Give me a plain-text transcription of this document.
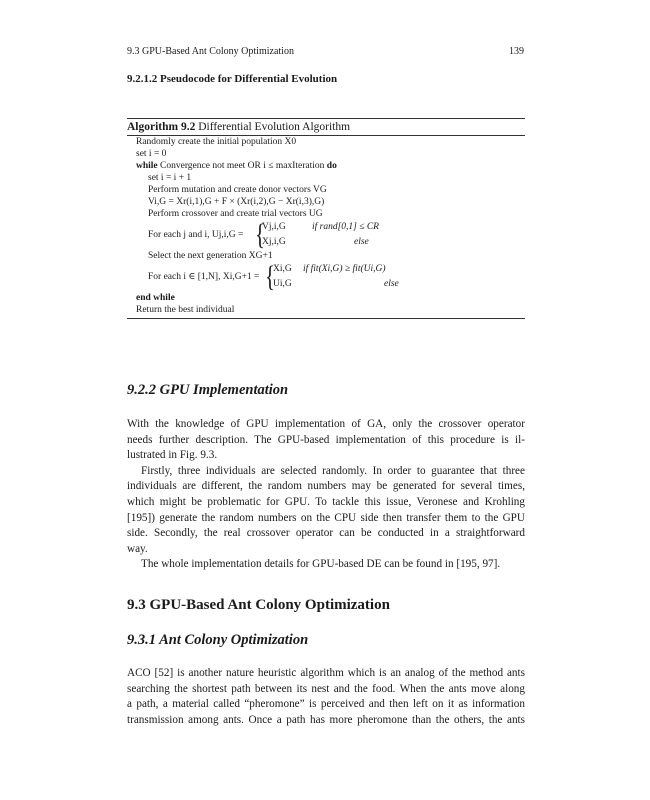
9.3 GPU-Based Ant Colony Optimization	139
9.2.1.2 Pseudocode for Differential Evolution
Algorithm 9.2 Differential Evolution Algorithm
Randomly create the initial population X0
set i = 0
while Convergence not meet OR i ≤ maxIteration do
set i = i + 1
Perform mutation and create donor vectors VG
Vi,G = Xr(i,1),G + F × (Xr(i,2),G − Xr(i,3),G)
Perform crossover and create trial vectors UG
For each j and i, Uj,i,G = {
Vj,i,G	if rand[0,1] ≤ CR
Xj,i,G	else
Select the next generation XG+1
For each i ∈ [1,N], Xi,G+1 = {
Xi,G if fit(Xi,G) ≥ fit(Ui,G)
Ui,G	else
end while
Return the best individual
9.2.2 GPU Implementation
With the knowledge of GPU implementation of GA, only the crossover operator
needs further description. The GPU-based implementation of this procedure is il-
lustrated in Fig. 9.3.
Firstly, three individuals are selected randomly. In order to guarantee that three
individuals are different, the random numbers may be generated for several times,
which might be problematic for GPU. To tackle this issue, Veronese and Krohling
[195]) generate the random numbers on the CPU side then transfer them to the GPU
side. Secondly, the real crossover operator can be conducted in a straightforward
way.
The whole implementation details for GPU-based DE can be found in [195, 97].
9.3 GPU-Based Ant Colony Optimization
9.3.1 Ant Colony Optimization
ACO [52] is another nature heuristic algorithm which is an analog of the method ants
searching the shortest path between its nest and the food. When the ants move along
a path, a material called “pheromone” is perceived and then left on it as information
transmission among ants. Once a path has more pheromone than the others, the ants
